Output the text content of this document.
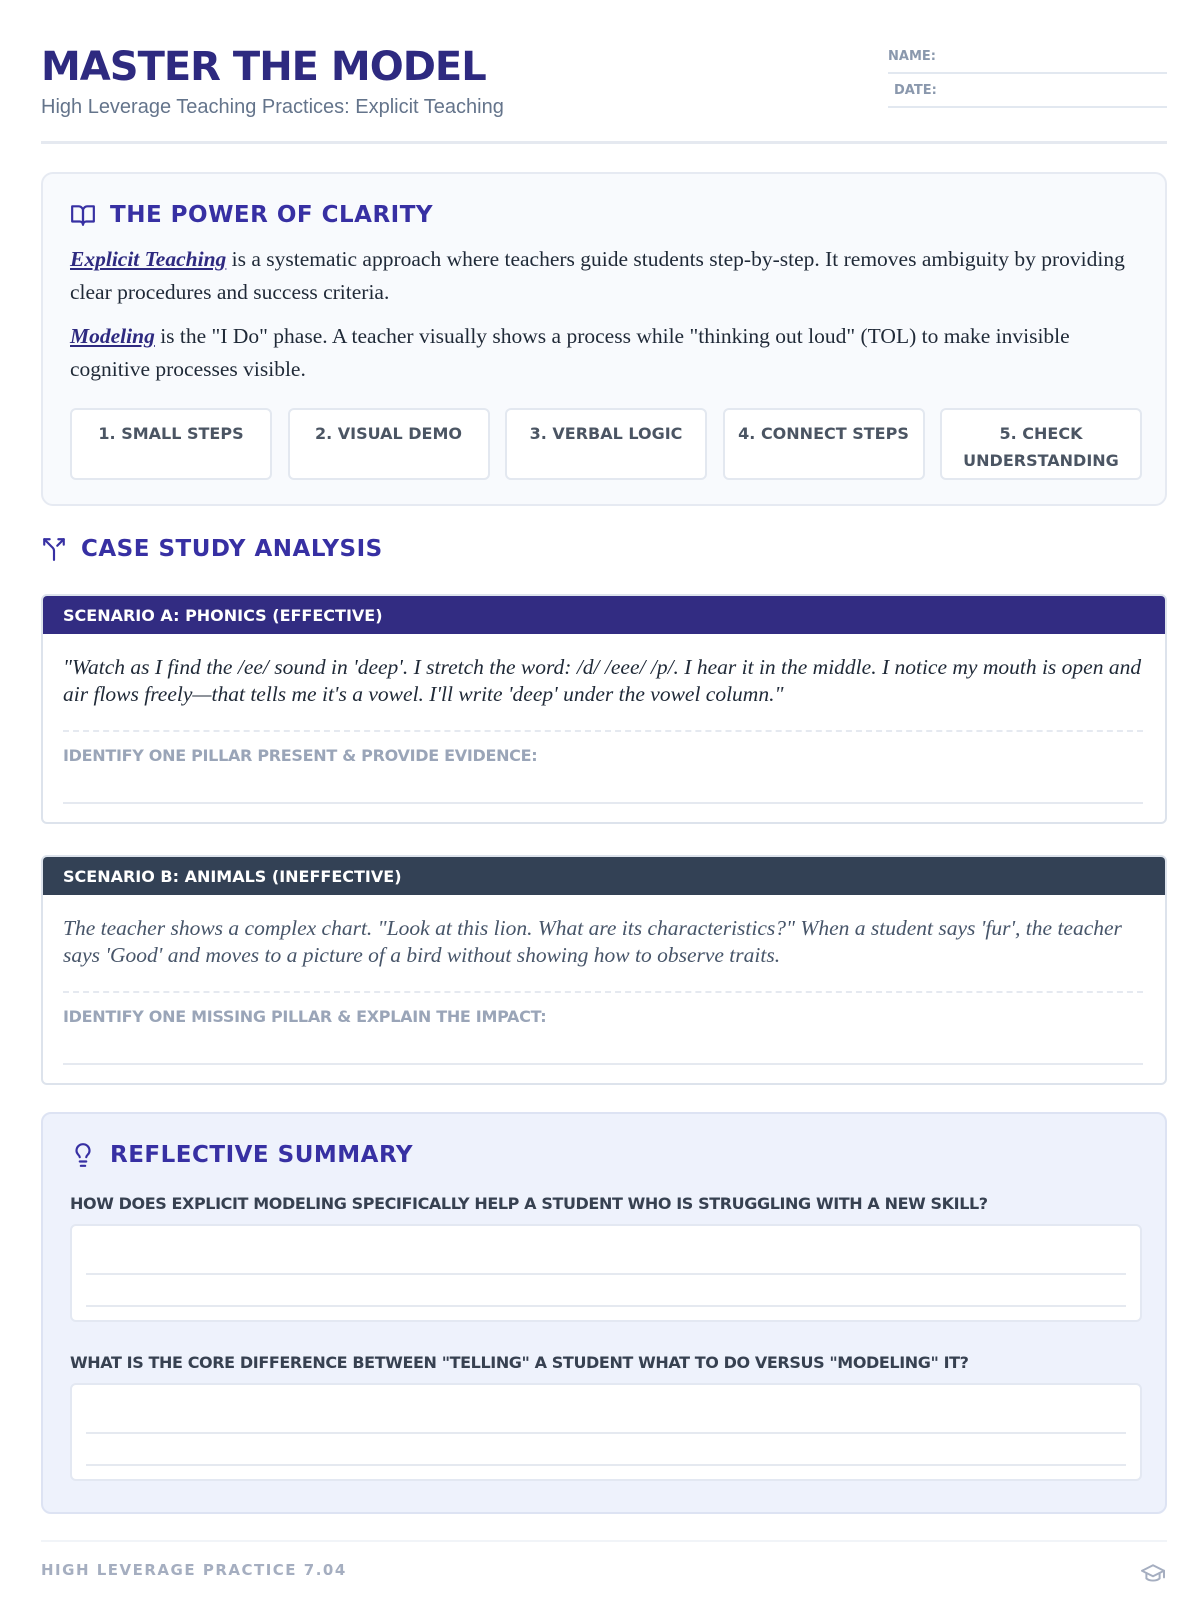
MASTER THE MODEL
High Leverage Teaching Practices: Explicit Teaching
NAME:
DATE:
THE POWER OF CLARITY

Explicit Teaching is a systematic approach where teachers guide students step-by-step. It removes ambiguity by providing clear procedures and success criteria.

Modeling is the "I Do" phase. A teacher visually shows a process while "thinking out loud" (TOL) to make invisible cognitive processes visible.

1. SMALL STEPS	2. VISUAL DEMO	3. VERBAL LOGIC	4. CONNECT STEPS	5. CHECK UNDERSTANDING
CASE STUDY ANALYSIS
SCENARIO A: PHONICS (EFFECTIVE)

"Watch as I find the /ee/ sound in 'deep'. I stretch the word: /d/ /eee/ /p/. I hear it in the middle. I notice my mouth is open and air flows freely—that tells me it's a vowel. I'll write 'deep' under the vowel column."

IDENTIFY ONE PILLAR PRESENT & PROVIDE EVIDENCE:
SCENARIO B: ANIMALS (INEFFECTIVE)

The teacher shows a complex chart. "Look at this lion. What are its characteristics?" When a student says 'fur', the teacher says 'Good' and moves to a picture of a bird without showing how to observe traits.

IDENTIFY ONE MISSING PILLAR & EXPLAIN THE IMPACT:
REFLECTIVE SUMMARY
HOW DOES EXPLICIT MODELING SPECIFICALLY HELP A STUDENT WHO IS STRUGGLING WITH A NEW SKILL?
WHAT IS THE CORE DIFFERENCE BETWEEN "TELLING" A STUDENT WHAT TO DO VERSUS "MODELING" IT?
HIGH LEVERAGE PRACTICE 7.04
